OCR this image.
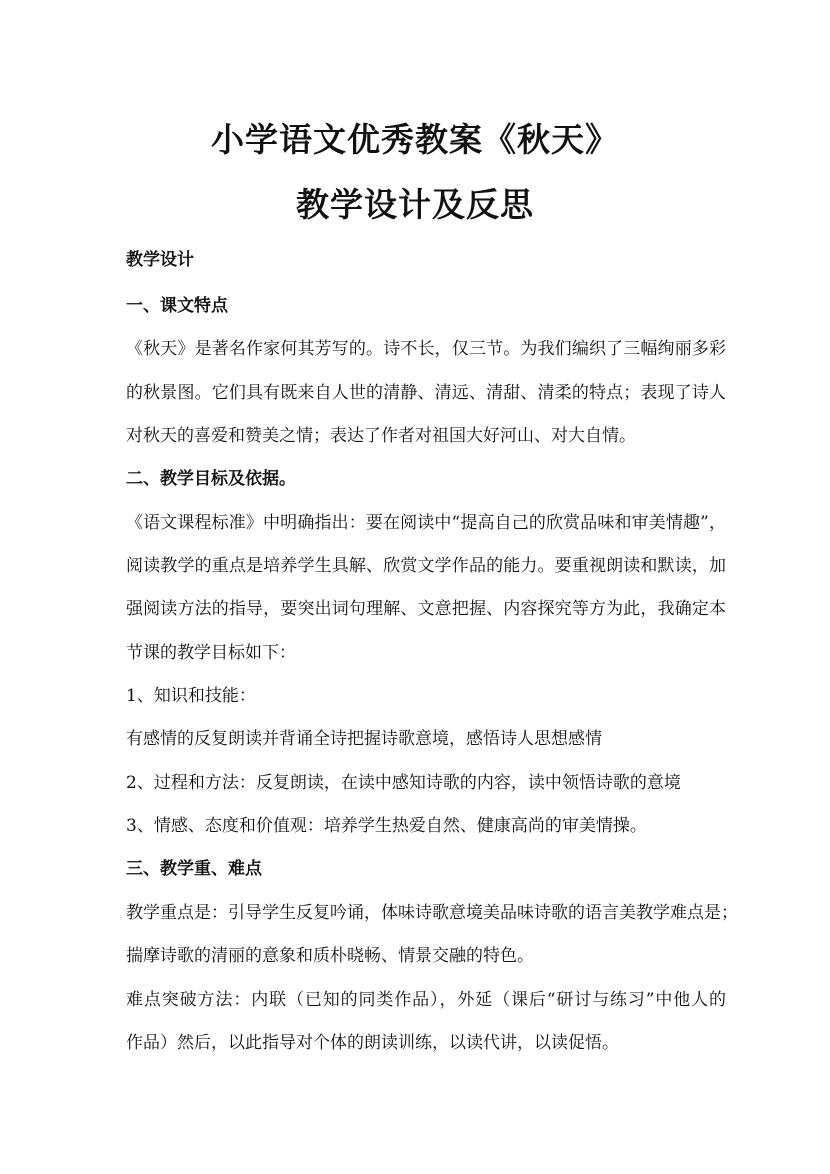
小学语文优秀教案《秋天》
教学设计及反思
教学设计
一、课文特点
《秋天》是著名作家何其芳写的。诗不长，仅三节。为我们编织了三幅绚丽多彩
的秋景图。它们具有既来自人世的清静、清远、清甜、清柔的特点；表现了诗人
对秋天的喜爱和赞美之情；表达了作者对祖国大好河山、对大自情。
二、教学目标及依据。
《语文课程标准》中明确指出：要在阅读中“提高自己的欣赏品味和审美情趣”，
阅读教学的重点是培养学生具解、欣赏文学作品的能力。要重视朗读和默读，加
强阅读方法的指导，要突出词句理解、文意把握、内容探究等方为此，我确定本
节课的教学目标如下：
1、知识和技能：
有感情的反复朗读并背诵全诗把握诗歌意境，感悟诗人思想感情
2、过程和方法：反复朗读，在读中感知诗歌的内容，读中领悟诗歌的意境
3、情感、态度和价值观：培养学生热爱自然、健康高尚的审美情操。
三、教学重、难点
教学重点是：引导学生反复吟诵，体味诗歌意境美品味诗歌的语言美教学难点是；
揣摩诗歌的清丽的意象和质朴晓畅、情景交融的特色。
难点突破方法：内联（已知的同类作品），外延（课后“研讨与练习”中他人的
作品）然后，以此指导对个体的朗读训练，以读代讲，以读促悟。
